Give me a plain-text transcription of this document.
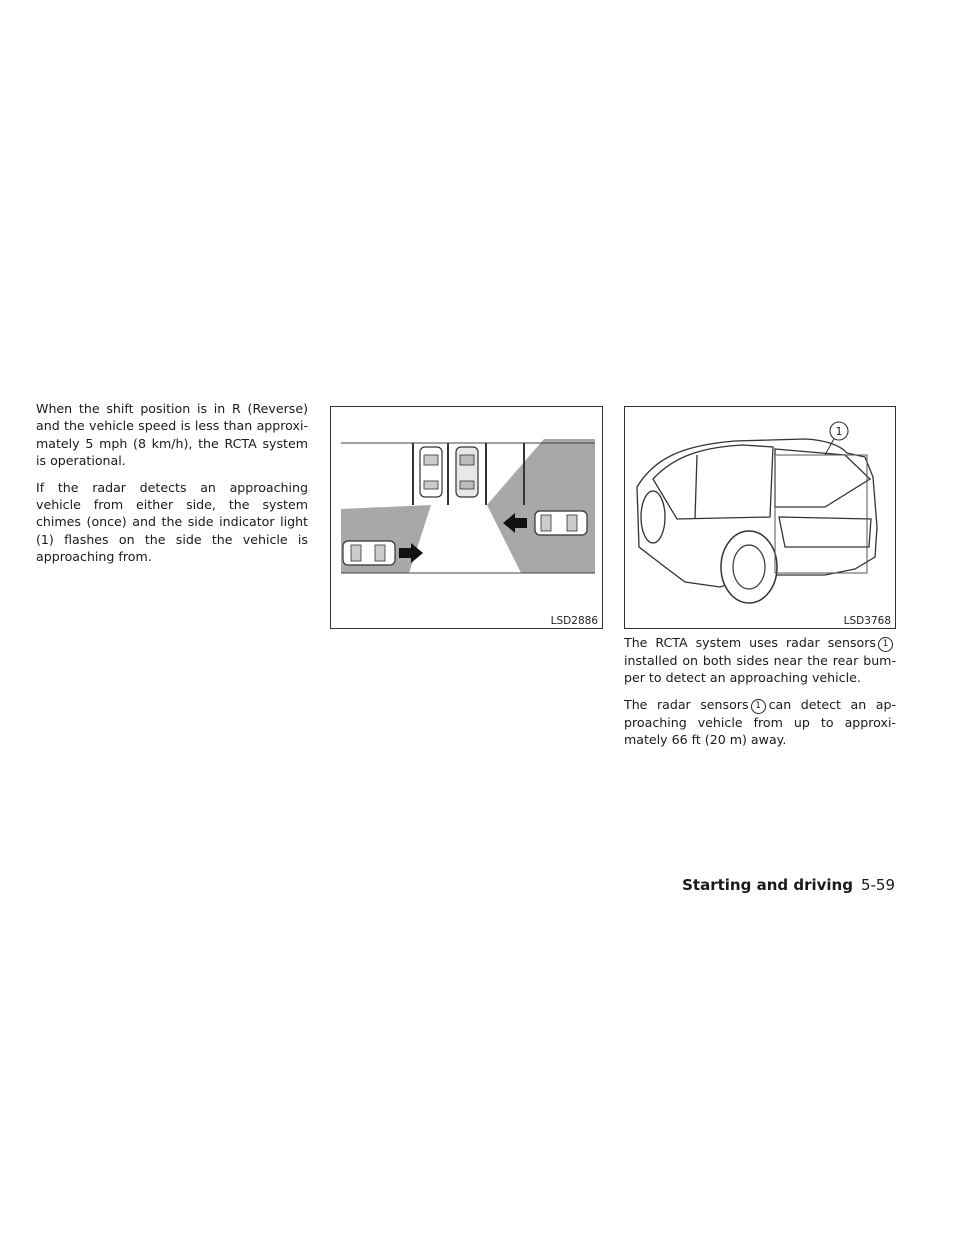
When the shift position is in R (Reverse) and the vehicle speed is less than approxi-mately 5 mph (8 km/h), the RCTA system is operational.

If the radar detects an approaching vehicle from either side, the system chimes (once) and the side indicator light (1) flashes on the side the vehicle is approaching from.

LSD2886
1
LSD3768

The RCTA system uses radar sensors 1installed on both sides near the rear bum-per to detect an approaching vehicle.

The radar sensors 1 can detect an ap-proaching vehicle from up to approxi-mately 66 ft (20 m) away.

Starting and driving 5-59
